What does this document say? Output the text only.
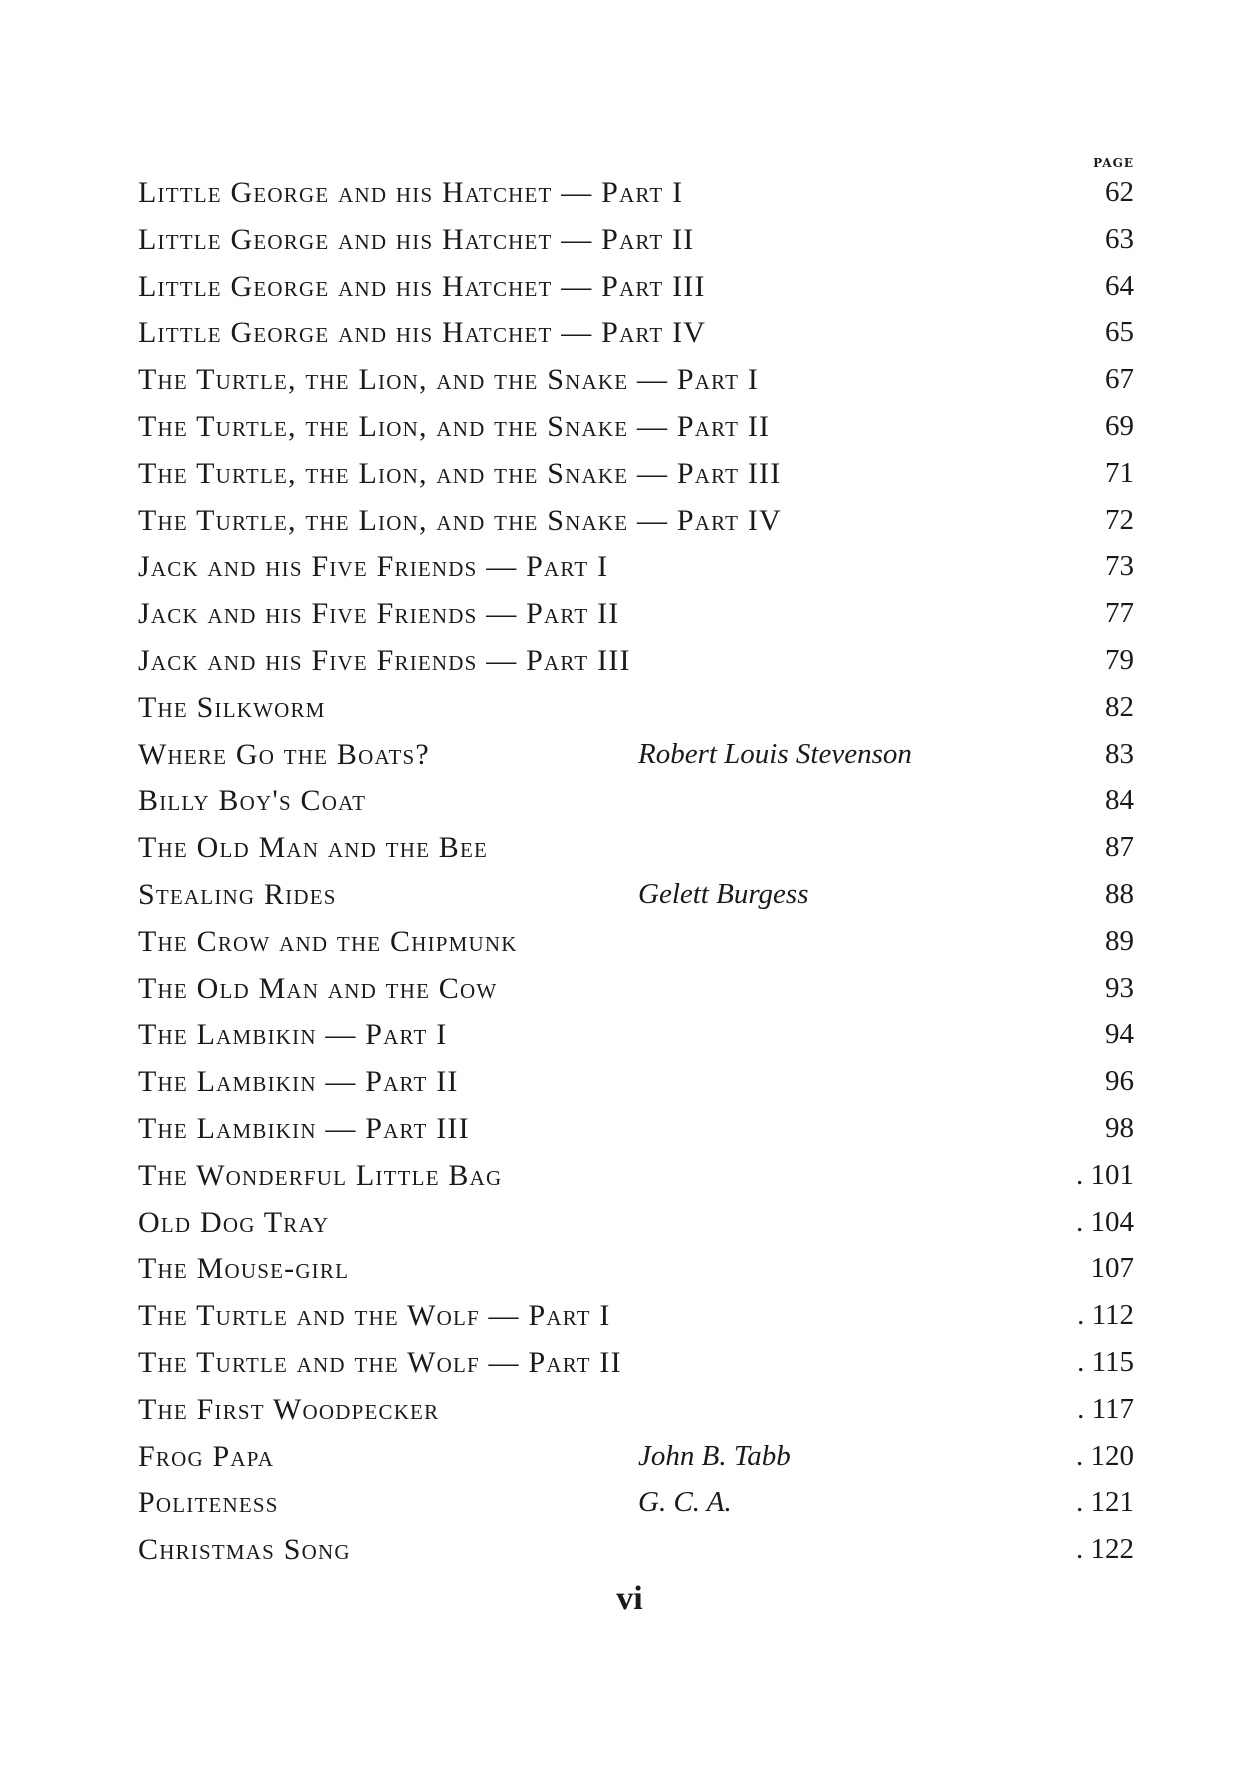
PAGE
Little George and his Hatchet — Part I	62
Little George and his Hatchet — Part II	63
Little George and his Hatchet — Part III	64
Little George and his Hatchet — Part IV	65
The Turtle, the Lion, and the Snake — Part I	67
The Turtle, the Lion, and the Snake — Part II	69
The Turtle, the Lion, and the Snake — Part III	71
The Turtle, the Lion, and the Snake — Part IV	72
Jack and his Five Friends — Part I	73
Jack and his Five Friends — Part II	77
Jack and his Five Friends — Part III	79
The Silkworm	82
Where Go the Boats?	Robert Louis Stevenson	83
Billy Boy's Coat	84
The Old Man and the Bee	87
Stealing Rides	Gelett Burgess	88
The Crow and the Chipmunk	89
The Old Man and the Cow	93
The Lambikin — Part I	94
The Lambikin — Part II	96
The Lambikin — Part III	98
The Wonderful Little Bag	. 101
Old Dog Tray	. 104
The Mouse-girl	107
The Turtle and the Wolf — Part I	. 112
The Turtle and the Wolf — Part II	. 115
The First Woodpecker	. 117
Frog Papa	John B. Tabb	. 120
Politeness	G. C. A.	. 121
Christmas Song	. 122
vi
